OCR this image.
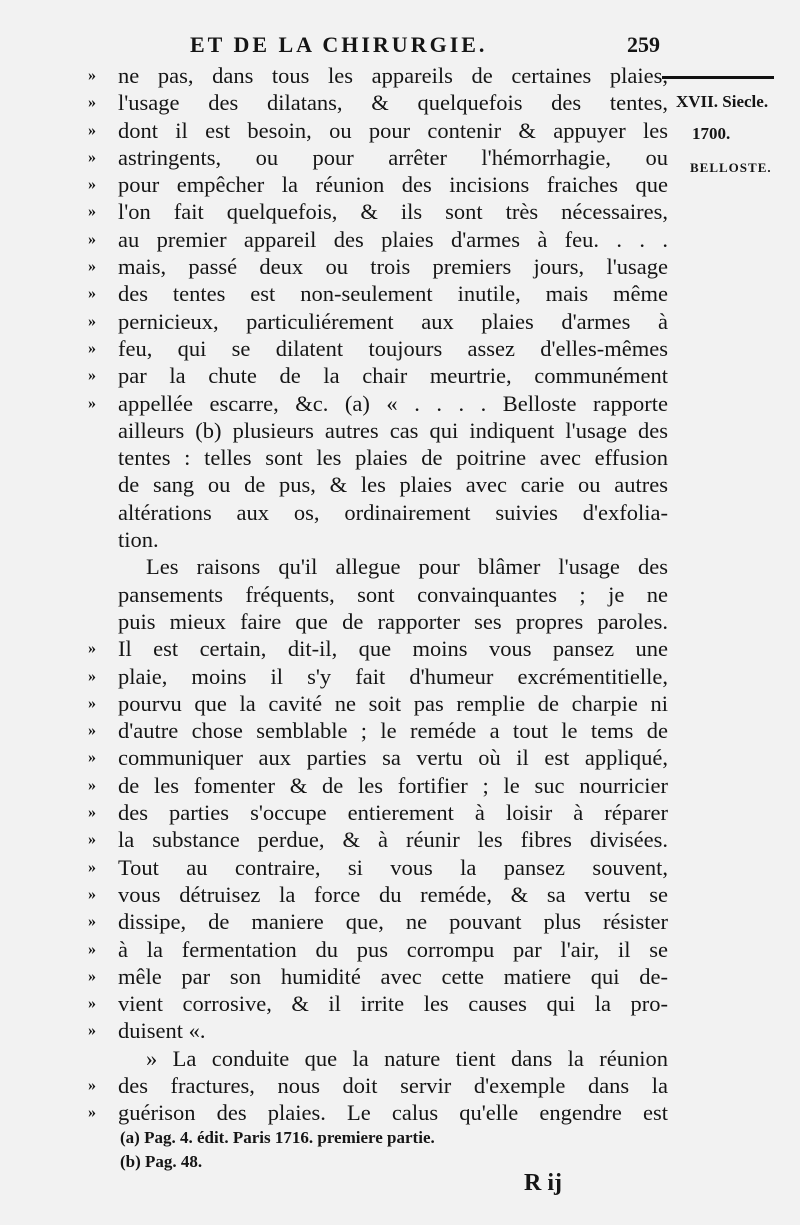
ET DE LA CHIRURGIE.	259
XVII. Siecle.
1700.
BELLOSTE.
» ne pas, dans tous les appareils de certaines plaies,
» l'usage des dilatans, & quelquefois des tentes,
» dont il est besoin, ou pour contenir & appuyer les
» astringents, ou pour arrêter l'hémorrhagie, ou
» pour empêcher la réunion des incisions fraiches que
» l'on fait quelquefois, & ils sont très nécessaires,
» au premier appareil des plaies d'armes à feu. . . .
» mais, passé deux ou trois premiers jours, l'usage
» des tentes est non-seulement inutile, mais même
» pernicieux, particuliérement aux plaies d'armes à
» feu, qui se dilatent toujours assez d'elles-mêmes
» par la chute de la chair meurtrie, communément
» appellée escarre, &c. (a) « . . . . Belloste rapporte
ailleurs (b) plusieurs autres cas qui indiquent l'usage des
tentes : telles sont les plaies de poitrine avec effusion
de sang ou de pus, & les plaies avec carie ou autres
altérations aux os, ordinairement suivies d'exfolia-
tion.
Les raisons qu'il allegue pour blâmer l'usage des
pansements fréquents, sont convainquantes ; je ne
puis mieux faire que de rapporter ses propres paroles.
» Il est certain, dit-il, que moins vous pansez une
» plaie, moins il s'y fait d'humeur excrémentitielle,
» pourvu que la cavité ne soit pas remplie de charpie ni
» d'autre chose semblable ; le reméde a tout le tems de
» communiquer aux parties sa vertu où il est appliqué,
» de les fomenter & de les fortifier ; le suc nourricier
» des parties s'occupe entierement à loisir à réparer
» la substance perdue, & à réunir les fibres divisées.
» Tout au contraire, si vous la pansez souvent,
» vous détruisez la force du reméde, & sa vertu se
» dissipe, de maniere que, ne pouvant plus résister
» à la fermentation du pus corrompu par l'air, il se
» mêle par son humidité avec cette matiere qui de-
» vient corrosive, & il irrite les causes qui la pro-
» duisent «.
» La conduite que la nature tient dans la réunion
» des fractures, nous doit servir d'exemple dans la
» guérison des plaies. Le calus qu'elle engendre est
(a) Pag. 4. édit. Paris 1716. premiere partie.
(b) Pag. 48.
R ij
